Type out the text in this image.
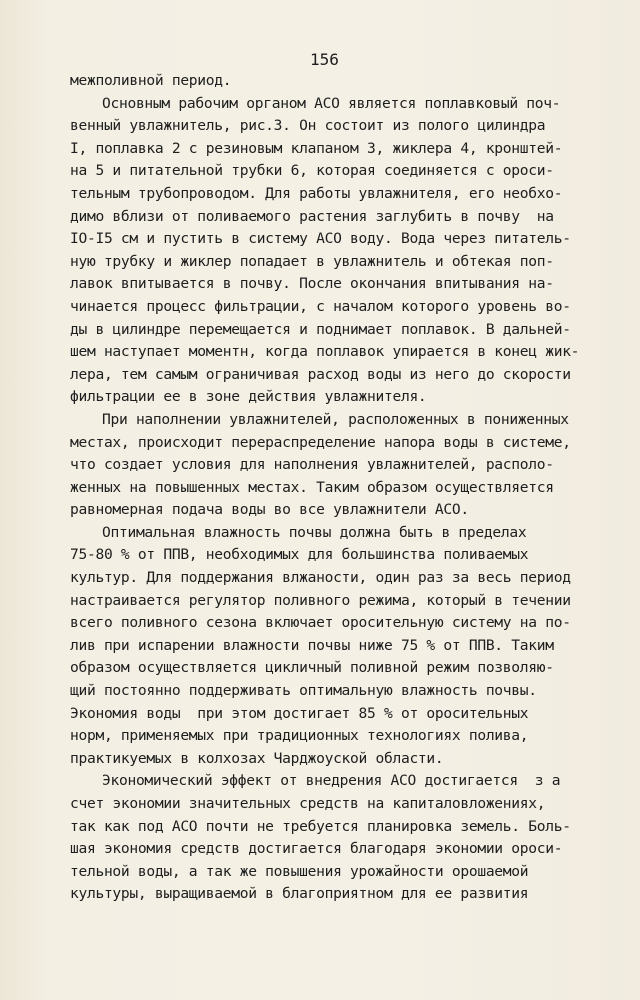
156
межполивной период.
Основным рабочим органом АСО является поплавковый поч-
венный увлажнитель, рис.3. Он состоит из полого цилиндра
I, поплавка 2 с резиновым клапаном 3, жиклера 4, кронштей-
на 5 и питательной трубки 6, которая соединяется с ороси-
тельным трубопроводом. Для работы увлажнителя, его необхо-
димо вблизи от поливаемого растения заглубить в почву  на
IO-I5 см и пустить в систему АСО воду. Вода через питатель-
ную трубку и жиклер попадает в увлажнитель и обтекая поп-
лавок впитывается в почву. После окончания впитывания на-
чинается процесс фильтрации, с началом которого уровень во-
ды в цилиндре перемещается и поднимает поплавок. В дальней-
шем наступает моментн, когда поплавок упирается в конец жик-
лера, тем самым ограничивая расход воды из него до скорости
фильтрации ее в зоне действия увлажнителя.
При наполнении увлажнителей, расположенных в пониженных
местах, происходит перераспределение напора воды в системе,
что создает условия для наполнения увлажнителей, располо-
женных на повышенных местах. Таким образом осуществляется
равномерная подача воды во все увлажнители АСО.
Оптимальная влажность почвы должна быть в пределах
75-80 % от ППВ, необходимых для большинства поливаемых
культур. Для поддержания влжаности, один раз за весь период
настраивается регулятор поливного режима, который в течении
всего поливного сезона включает оросительную систему на по-
лив при испарении влажности почвы ниже 75 % от ППВ. Таким
образом осуществляется цикличный поливной режим позволяю-
щий постоянно поддерживать оптимальную влажность почвы.
Экономия воды  при этом достигает 85 % от оросительных
норм, применяемых при традиционных технологиях полива,
практикуемых в колхозах Чарджоуской области.
Экономический эффект от внедрения АСО достигается  з а
счет экономии значительных средств на капиталовложениях,
так как под АСО почти не требуется планировка земель. Боль-
шая экономия средств достигается благодаря экономии ороси-
тельной воды, а так же повышения урожайности орошаемой
культуры, выращиваемой в благоприятном для ее развития
